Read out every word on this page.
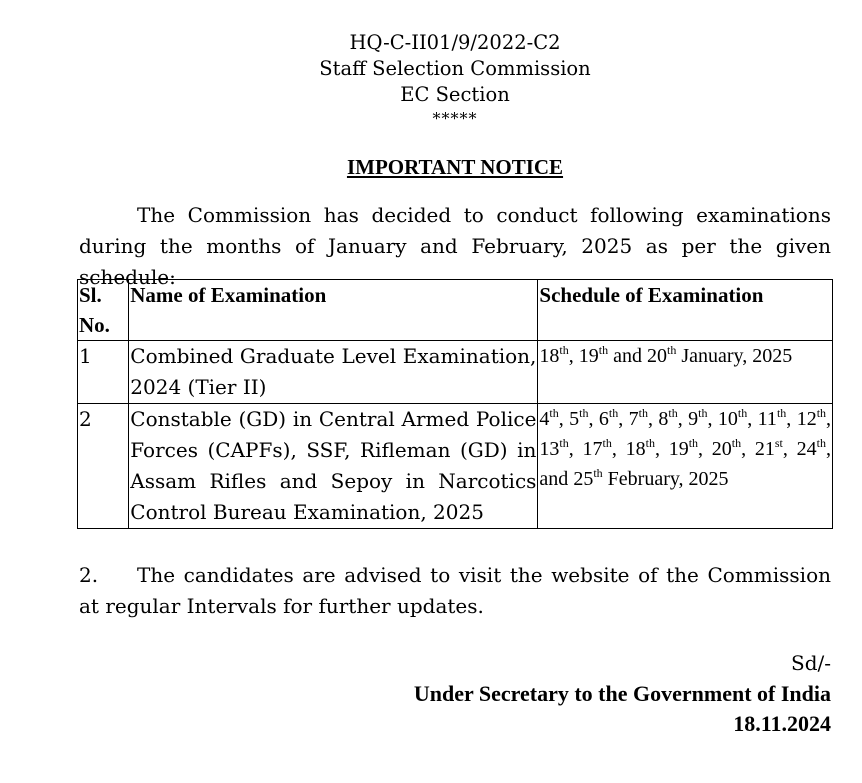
HQ-C-II01/9/2022-C2
Staff Selection Commission
EC Section
*****
IMPORTANT NOTICE
The Commission has decided to conduct following examinations during the months of January and February, 2025 as per the given schedule:
Sl. No.	Name of Examination	Schedule of Examination
1	Combined Graduate Level Examination, 2024 (Tier II)	18th, 19th and 20th January, 2025
2	Constable (GD) in Central Armed Police Forces (CAPFs), SSF, Rifleman (GD) in Assam Rifles and Sepoy in Narcotics Control Bureau Examination, 2025	4th, 5th, 6th, 7th, 8th, 9th, 10th, 11th, 12th, 13th, 17th, 18th, 19th, 20th, 21st, 24th, and 25th February, 2025
2. The candidates are advised to visit the website of the Commission at regular Intervals for further updates.
Sd/-
Under Secretary to the Government of India
18.11.2024
